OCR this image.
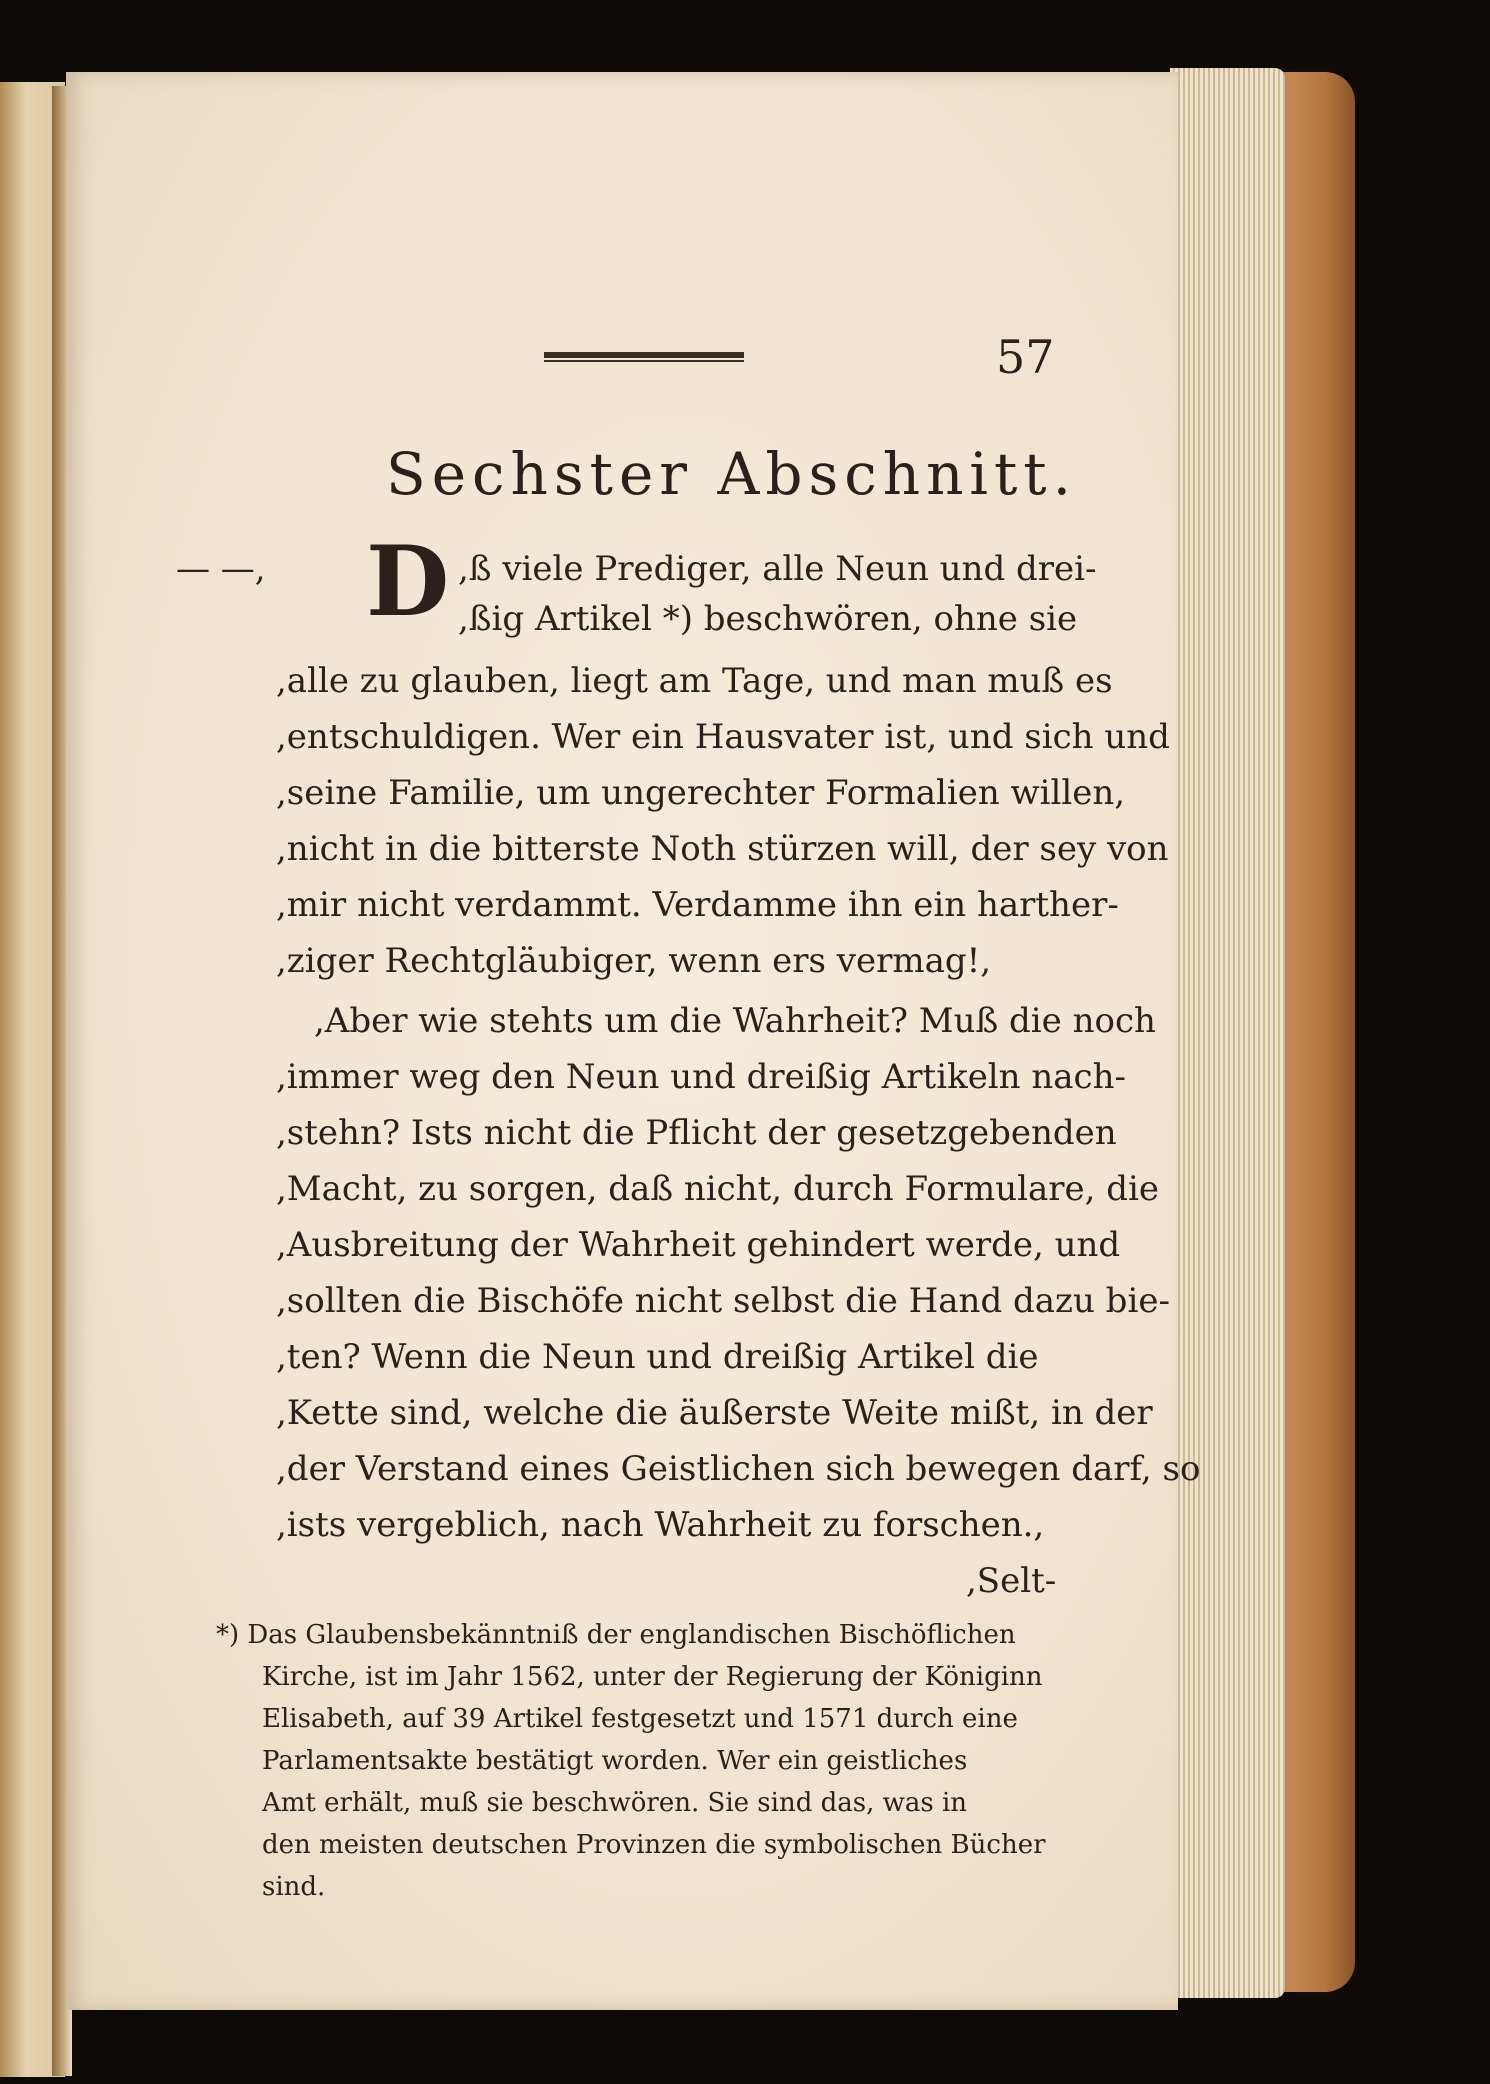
57
Sechster Abschnitt.
— —,	D ,ß viele Prediger, alle Neun und drei-
,ßig Artikel *) beschwören, ohne sie
,alle zu glauben, liegt am Tage, und man muß es
,entschuldigen. Wer ein Hausvater ist, und sich und
,seine Familie, um ungerechter Formalien willen,
,nicht in die bitterste Noth stürzen will, der sey von
,mir nicht verdammt. Verdamme ihn ein harther-
,ziger Rechtgläubiger, wenn ers vermag!,
,Aber wie stehts um die Wahrheit? Muß die noch
,immer weg den Neun und dreißig Artikeln nach-
,stehn? Ists nicht die Pflicht der gesetzgebenden
,Macht, zu sorgen, daß nicht, durch Formulare, die
,Ausbreitung der Wahrheit gehindert werde, und
,sollten die Bischöfe nicht selbst die Hand dazu bie-
,ten? Wenn die Neun und dreißig Artikel die
,Kette sind, welche die äußerste Weite mißt, in der
,der Verstand eines Geistlichen sich bewegen darf, so
,ists vergeblich, nach Wahrheit zu forschen.,
,Selt-
*) Das Glaubensbekänntniß der englandischen Bischöflichen
Kirche, ist im Jahr 1562, unter der Regierung der Königinn
Elisabeth, auf 39 Artikel festgesetzt und 1571 durch eine
Parlamentsakte bestätigt worden. Wer ein geistliches
Amt erhält, muß sie beschwören. Sie sind das, was in
den meisten deutschen Provinzen die symbolischen Bücher
sind.
